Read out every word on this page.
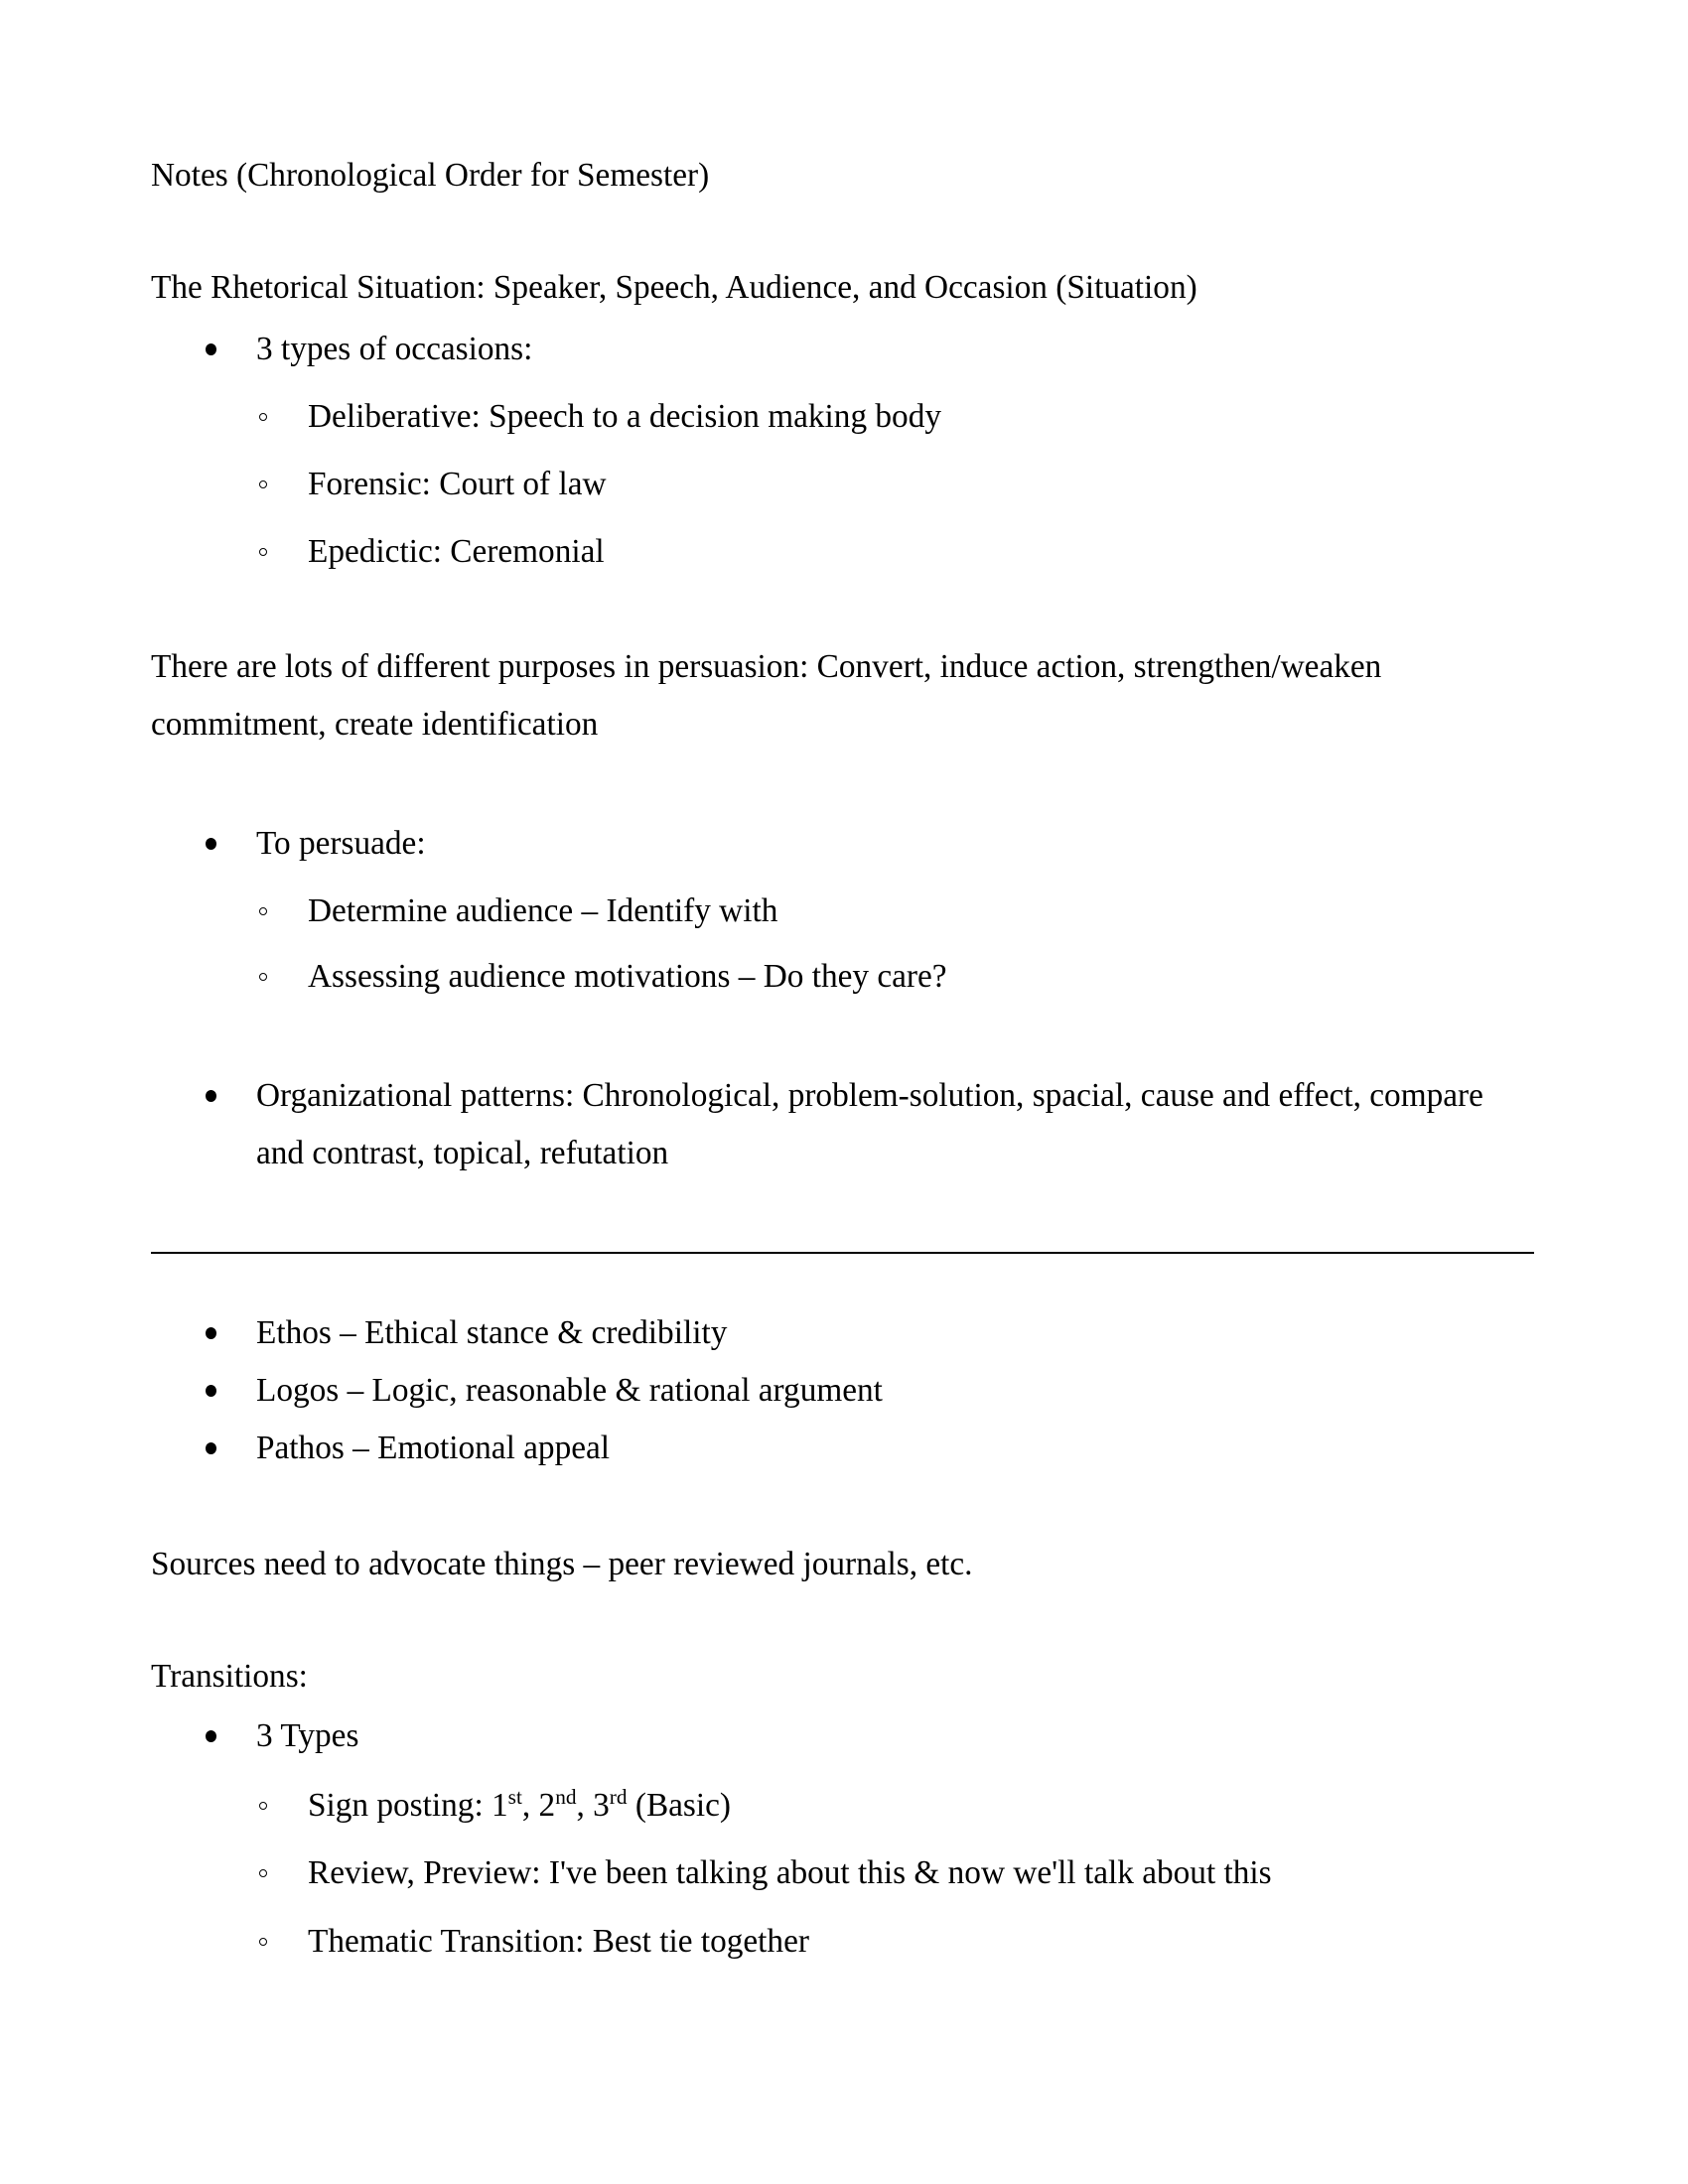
Notes (Chronological Order for Semester)
The Rhetorical Situation: Speaker, Speech, Audience, and Occasion (Situation)
3 types of occasions:
Deliberative: Speech to a decision making body
Forensic: Court of law
Epedictic: Ceremonial
There are lots of different purposes in persuasion: Convert, induce action, strengthen/weaken commitment, create identification
To persuade:
Determine audience – Identify with
Assessing audience motivations – Do they care?
Organizational patterns: Chronological, problem-solution, spacial, cause and effect, compare and contrast, topical, refutation
Ethos – Ethical stance & credibility
Logos – Logic, reasonable & rational argument
Pathos – Emotional appeal
Sources need to advocate things – peer reviewed journals, etc.
Transitions:
3 Types
Sign posting: 1st, 2nd, 3rd (Basic)
Review, Preview: I've been talking about this & now we'll talk about this
Thematic Transition: Best tie together
